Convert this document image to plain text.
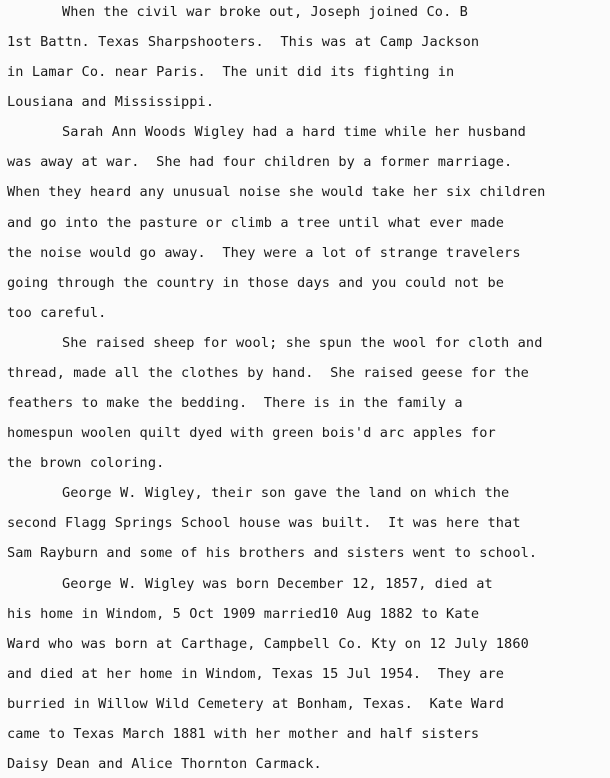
When the civil war broke out, Joseph joined Co. B
1st Battn. Texas Sharpshooters.  This was at Camp Jackson
in Lamar Co. near Paris.  The unit did its fighting in
Lousiana and Mississippi.
Sarah Ann Woods Wigley had a hard time while her husband
was away at war.  She had four children by a former marriage.
When they heard any unusual noise she would take her six children
and go into the pasture or climb a tree until what ever made
the noise would go away.  They were a lot of strange travelers
going through the country in those days and you could not be
too careful.
She raised sheep for wool; she spun the wool for cloth and
thread, made all the clothes by hand.  She raised geese for the
feathers to make the bedding.  There is in the family a
homespun woolen quilt dyed with green bois'd arc apples for
the brown coloring.
George W. Wigley, their son gave the land on which the
second Flagg Springs School house was built.  It was here that
Sam Rayburn and some of his brothers and sisters went to school.
George W. Wigley was born December 12, 1857, died at
his home in Windom, 5 Oct 1909 married10 Aug 1882 to Kate
Ward who was born at Carthage, Campbell Co. Kty on 12 July 1860
and died at her home in Windom, Texas 15 Jul 1954.  They are
burried in Willow Wild Cemetery at Bonham, Texas.  Kate Ward
came to Texas March 1881 with her mother and half sisters
Daisy Dean and Alice Thornton Carmack.
